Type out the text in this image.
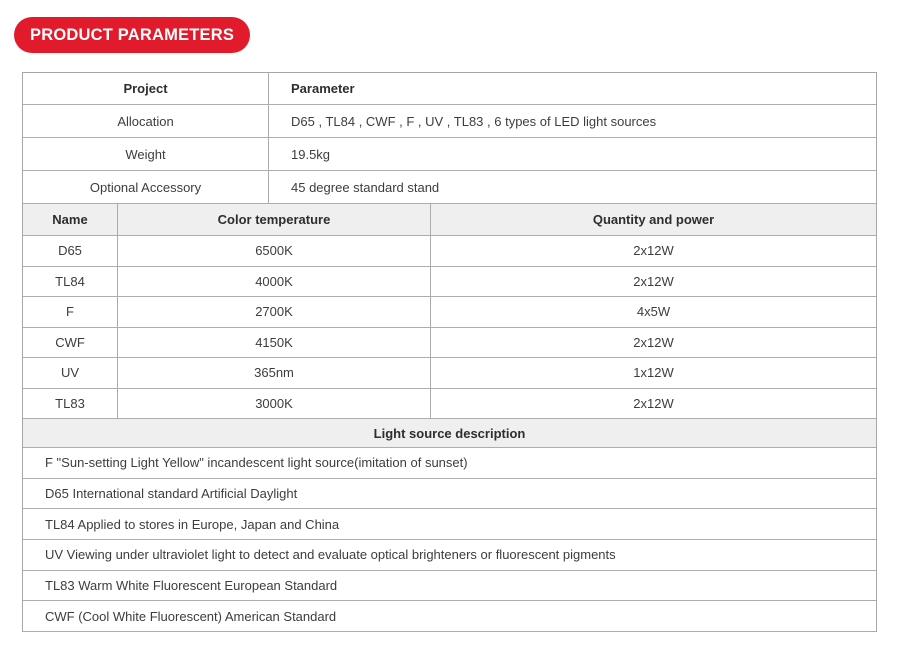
PRODUCT PARAMETERS
Project	Parameter
Allocation	D65 , TL84 , CWF , F , UV , TL83 , 6 types of LED light sources
Weight	19.5kg
Optional Accessory	45 degree standard stand
Name	Color temperature	Quantity and power
D65	6500K	2x12W
TL84	4000K	2x12W
F	2700K	4x5W
CWF	4150K	2x12W
UV	365nm	1x12W
TL83	3000K	2x12W
Light source description
F "Sun-setting Light Yellow" incandescent light source(imitation of sunset)
D65 International standard Artificial Daylight
TL84 Applied to stores in Europe, Japan and China
UV Viewing under ultraviolet light to detect and evaluate optical brighteners or fluorescent pigments
TL83 Warm White Fluorescent European Standard
CWF (Cool White Fluorescent) American Standard
